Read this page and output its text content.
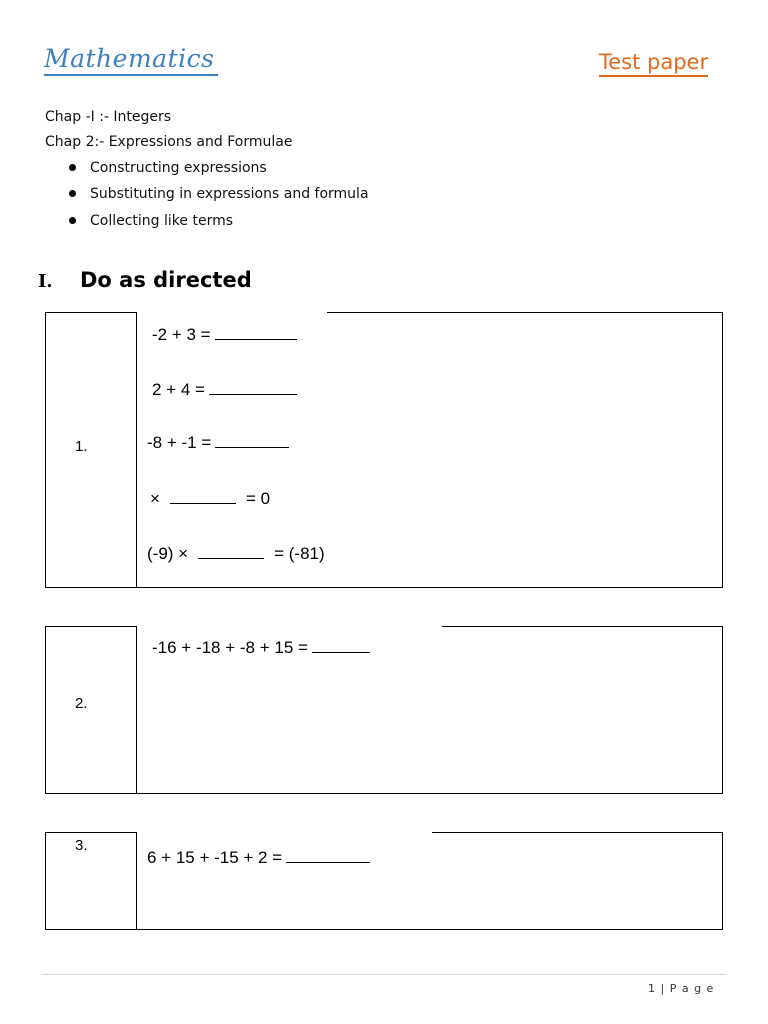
Mathematics	Test paper
Chap -I :- Integers
Chap 2:- Expressions and Formulae
Constructing expressions
Substituting in expressions and formula
Collecting like terms
I. Do as directed
1.
-2 + 3 =
2 + 4 =
-8 + -1 =
×	= 0
(-9) ×	= (-81)
2.
-16 + -18 + -8 + 15 =
3.
6 + 15 + -15 + 2 =
1 | P a g e
